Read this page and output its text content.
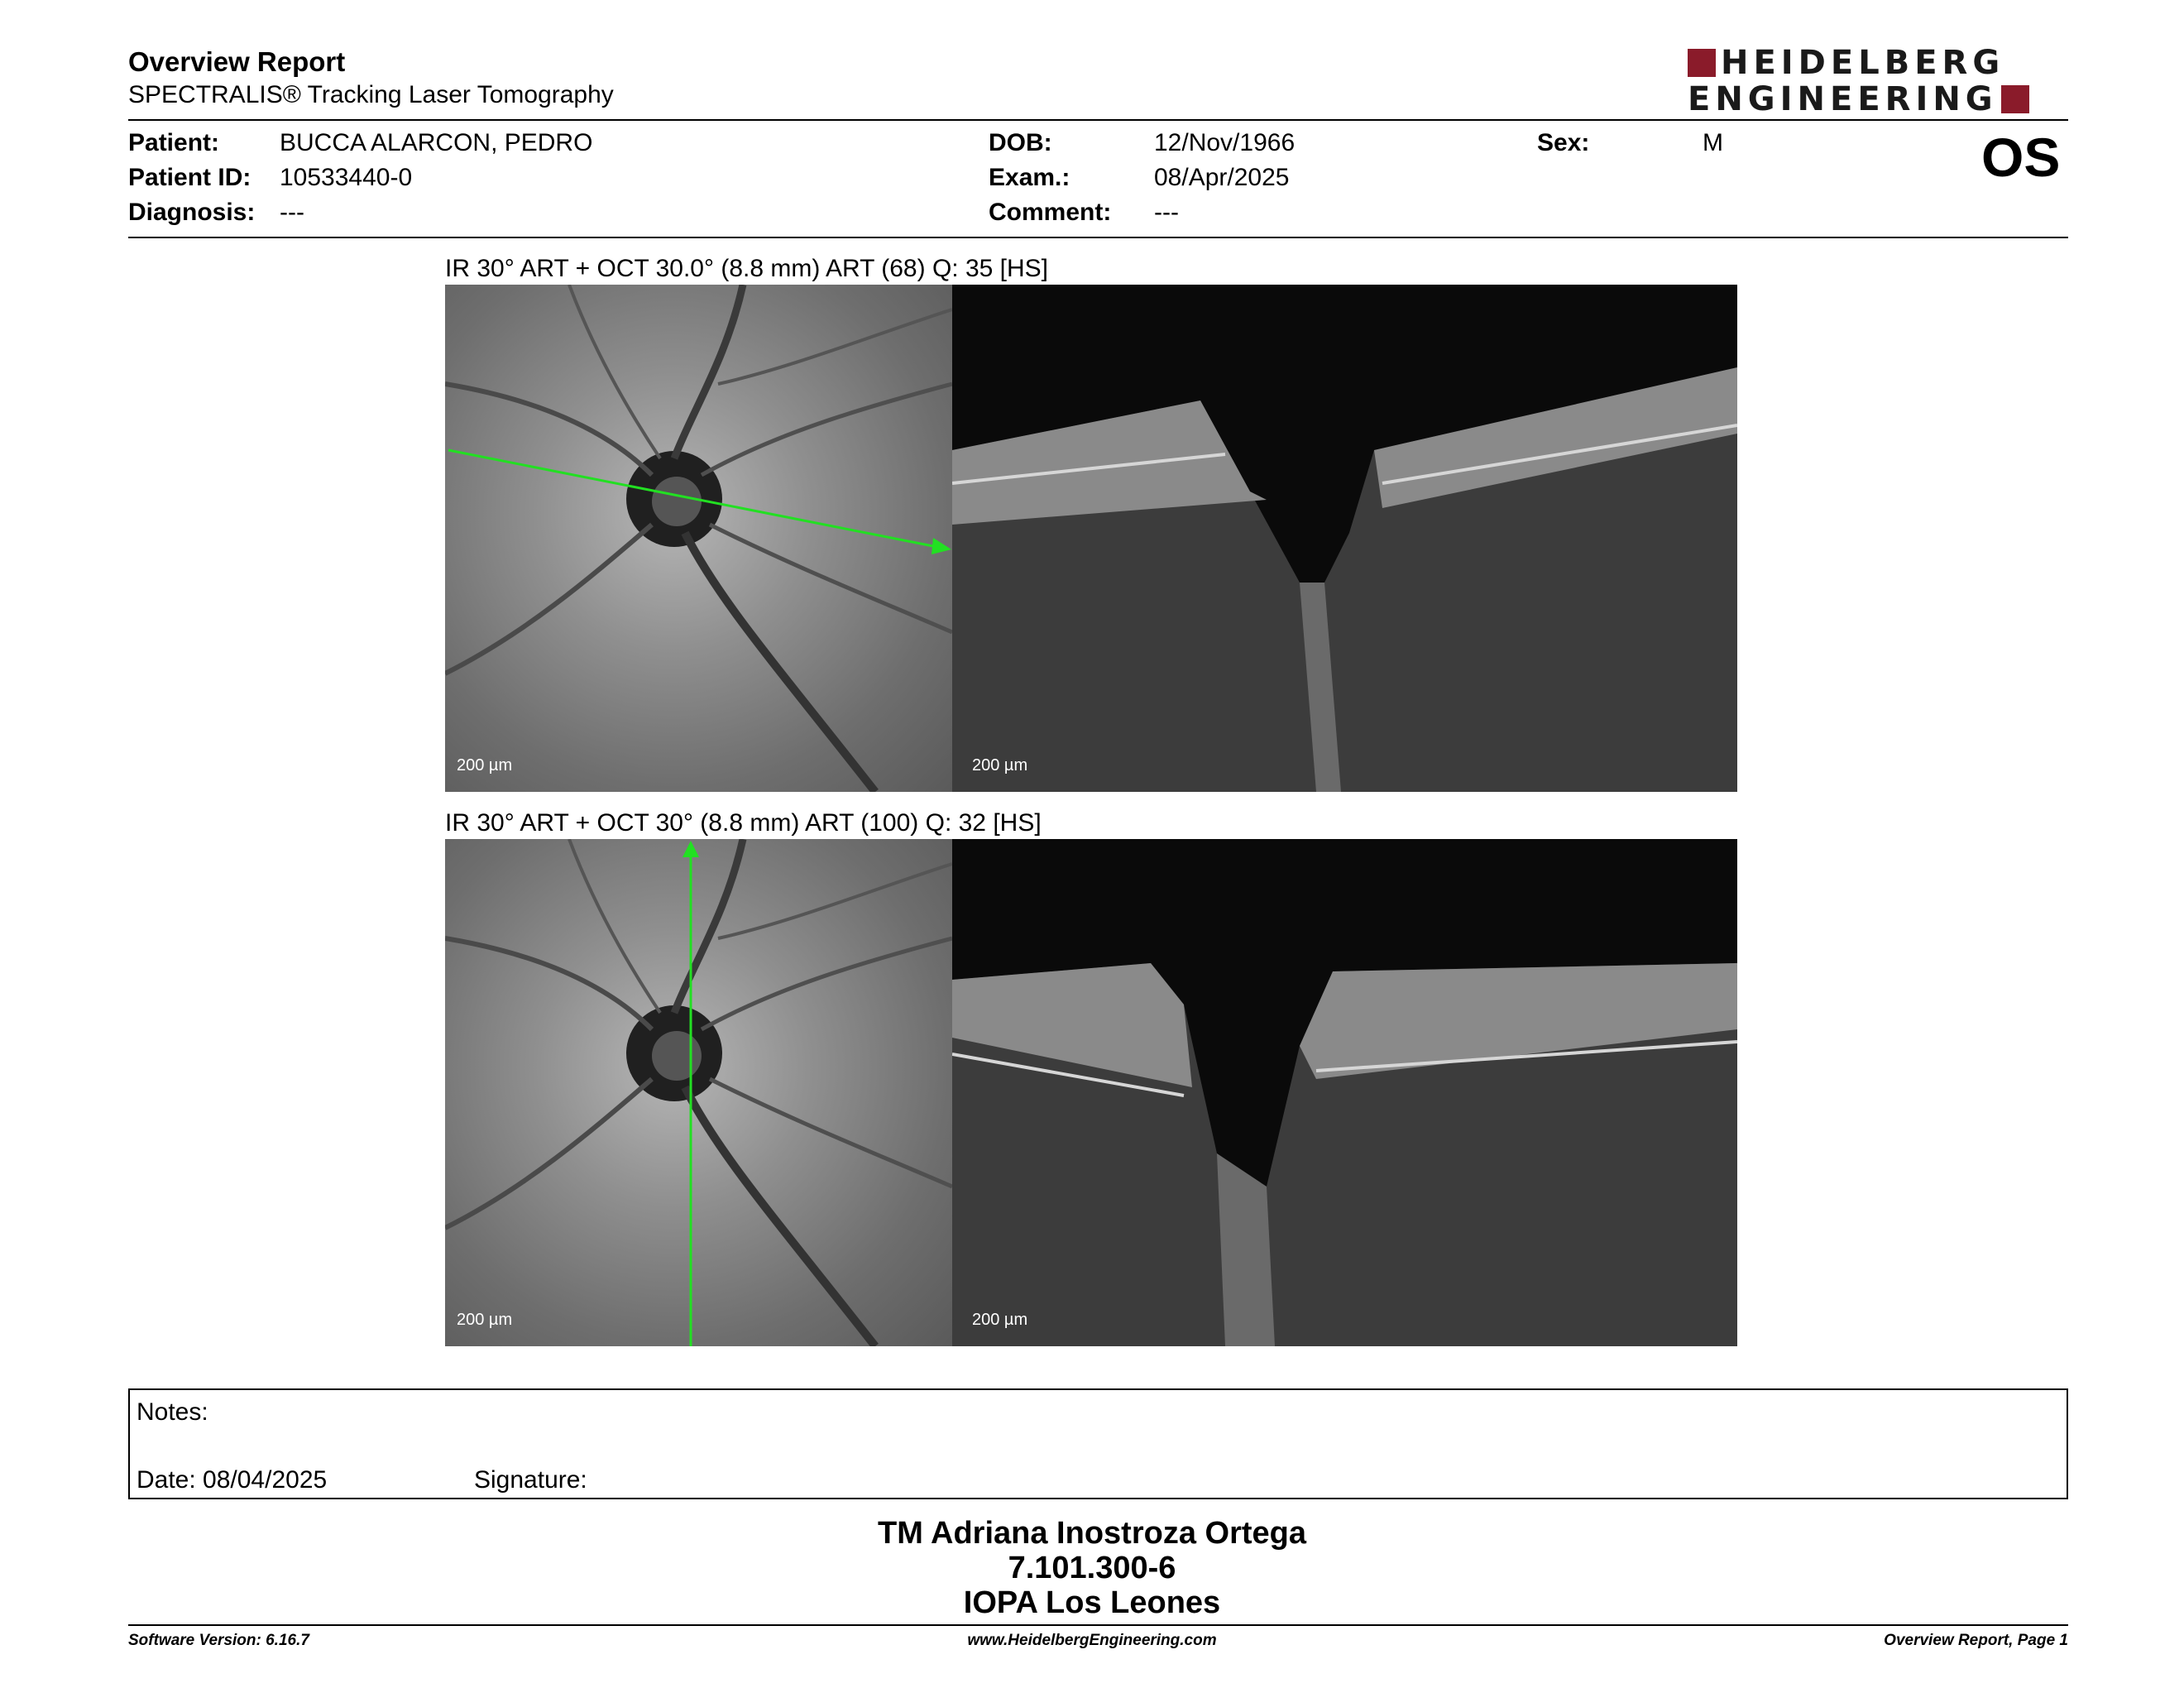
Overview Report
SPECTRALIS® Tracking Laser Tomography
HEIDELBERG
ENGINEERING
Patient: BUCCA ALARCON, PEDRO
Patient ID: 10533440-0
Diagnosis: ---
DOB:	12/Nov/1966
Exam.:	08/Apr/2025
Comment: ---
Sex:	M	OS
IR 30° ART + OCT 30.0° (8.8 mm) ART (68) Q: 35 [HS]
200 µm	200 µm
IR 30° ART + OCT 30° (8.8 mm) ART (100) Q: 32 [HS]
200 µm	200 µm
Notes:
Date: 08/04/2025	Signature:
TM Adriana Inostroza Ortega
7.101.300-6
IOPA Los Leones
Software Version: 6.16.7	www.HeidelbergEngineering.com	Overview Report, Page 1
